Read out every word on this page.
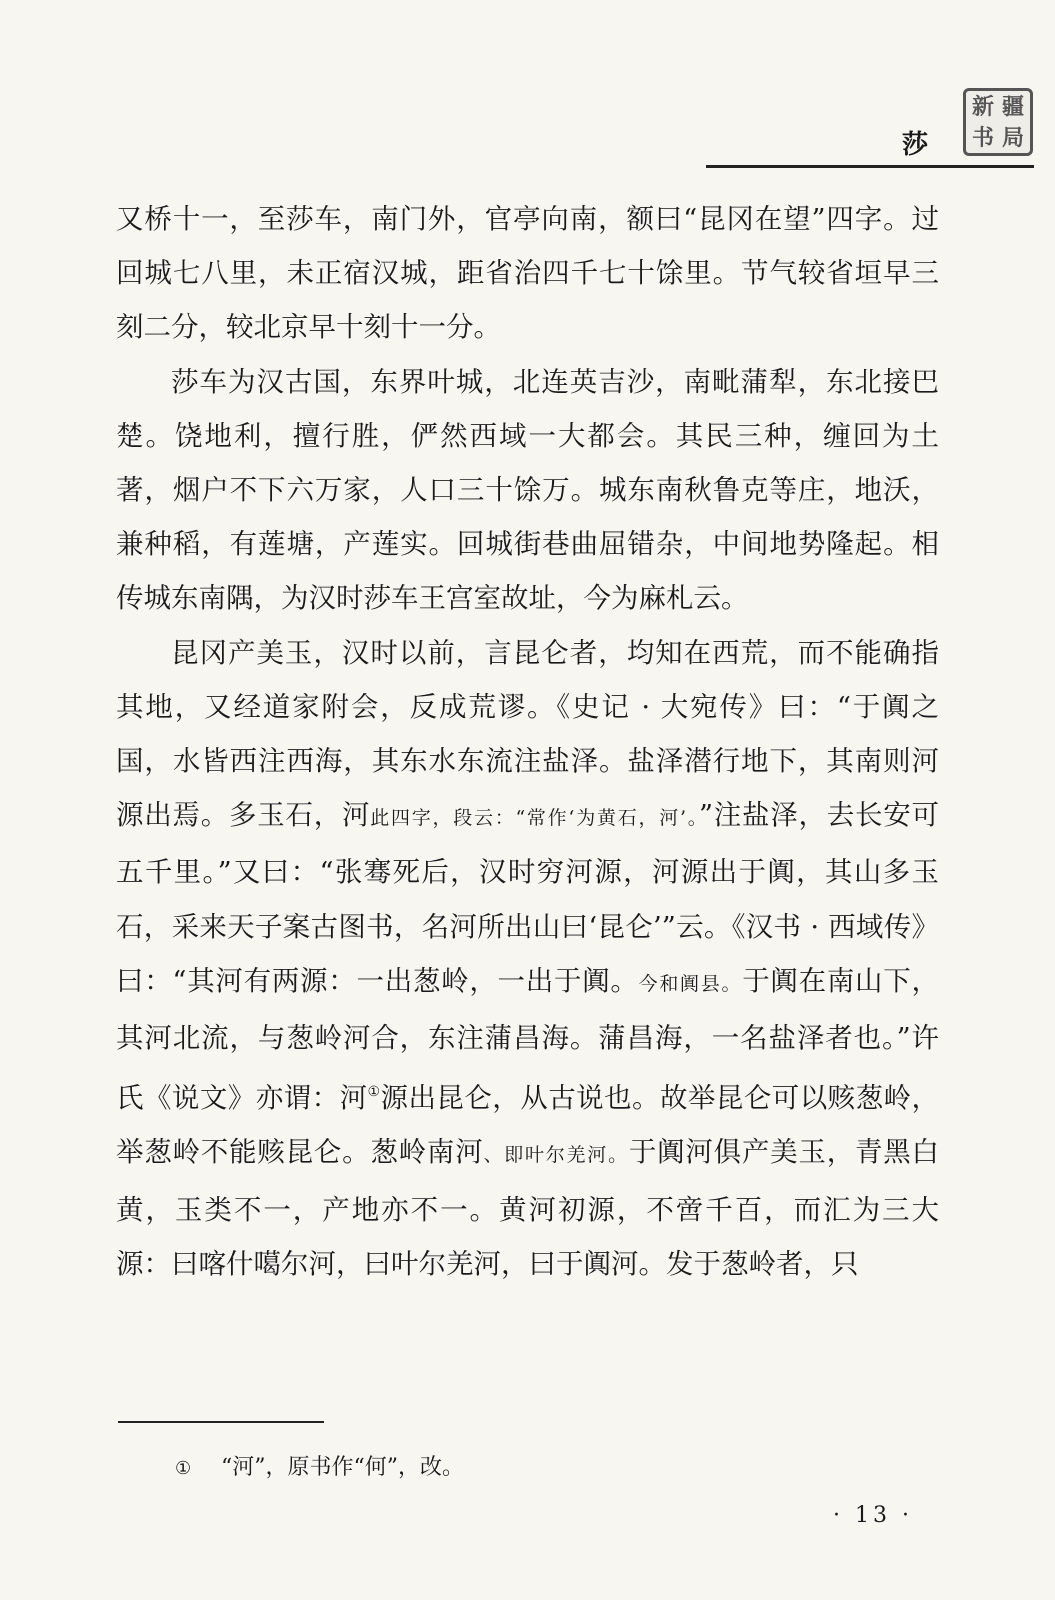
新 疆
书 局
莎

又桥十一，至莎车，南门外，官亭向南，额曰“昆冈在望”四字。过回城七八里，未正宿汉城，距省治四千七十馀里。节气较省垣早三刻二分，较北京早十刻十一分。

莎车为汉古国，东界叶城，北连英吉沙，南毗蒲犁，东北接巴楚。饶地利，擅行胜，俨然西域一大都会。其民三种，缠回为土著，烟户不下六万家，人口三十馀万。城东南秋鲁克等庄，地沃，兼种稻，有莲塘，产莲实。回城街巷曲屈错杂，中间地势隆起。相传城东南隅，为汉时莎车王宫室故址，今为麻札云。

昆冈产美玉，汉时以前，言昆仑者，均知在西荒，而不能确指其地，又经道家附会，反成荒谬。《史记 · 大宛传》曰：“于阗之国，水皆西注西海，其东水东流注盐泽。盐泽潜行地下，其南则河源出焉。多玉石，河此四字，段云：“常作‘为黄石，河’。”注盐泽，去长安可五千里。”又曰：“张骞死后，汉时穷河源，河源出于阗，其山多玉石，采来天子案古图书，名河所出山曰‘昆仑’”云。《汉书 · 西域传》曰：“其河有两源：一出葱岭，一出于阗。今和阗县。于阗在南山下，其河北流，与葱岭河合，东注蒲昌海。蒲昌海，一名盐泽者也。”许氏《说文》亦谓：河①源出昆仑，从古说也。故举昆仑可以赅葱岭，举葱岭不能赅昆仑。葱岭南河、即叶尔羌河。于阗河俱产美玉，青黑白黄，玉类不一，产地亦不一。黄河初源，不啻千百，而汇为三大源：曰喀什噶尔河，曰叶尔羌河，曰于阗河。发于葱岭者，只

① “河”，原书作“何”，改。
· 13 ·
